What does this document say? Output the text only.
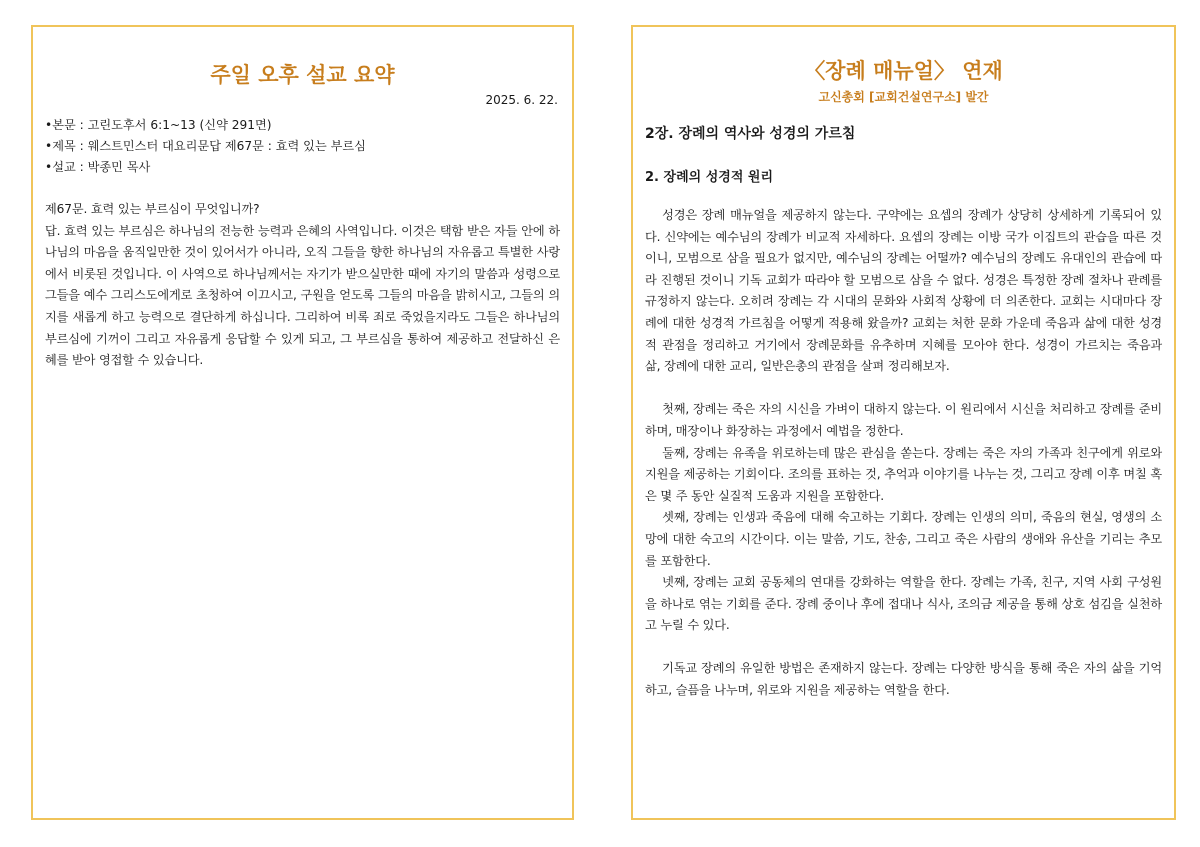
주일 오후 설교 요약

2025. 6. 22.

•본문 : 고린도후서 6:1~13 (신약 291면)
•제목 : 웨스트민스터 대요리문답 제67문 : 효력 있는 부르심
•설교 : 박종민 목사

제67문. 효력 있는 부르심이 무엇입니까?

답. 효력 있는 부르심은 하나님의 전능한 능력과 은혜의 사역입니다. 이것은 택함 받은 자들 안에 하나님의 마음을 움직일만한 것이 있어서가 아니라, 오직 그들을 향한 하나님의 자유롭고 특별한 사랑에서 비롯된 것입니다. 이 사역으로 하나님께서는 자기가 받으실만한 때에 자기의 말씀과 성령으로 그들을 예수 그리스도에게로 초청하여 이끄시고, 구원을 얻도록 그들의 마음을 밝히시고, 그들의 의지를 새롭게 하고 능력으로 결단하게 하십니다. 그리하여 비록 죄로 죽었을지라도 그들은 하나님의 부르심에 기꺼이 그리고 자유롭게 응답할 수 있게 되고, 그 부르심을 통하여 제공하고 전달하신 은혜를 받아 영접할 수 있습니다.

〈장례 매뉴얼〉 연재

고신총회 [교회건설연구소] 발간

2장. 장례의 역사와 성경의 가르침
2. 장례의 성경적 원리

성경은 장례 매뉴얼을 제공하지 않는다. 구약에는 요셉의 장례가 상당히 상세하게 기록되어 있다. 신약에는 예수님의 장례가 비교적 자세하다. 요셉의 장례는 이방 국가 이집트의 관습을 따른 것이니, 모범으로 삼을 필요가 없지만, 예수님의 장례는 어떨까? 예수님의 장례도 유대인의 관습에 따라 진행된 것이니 기독 교회가 따라야 할 모범으로 삼을 수 없다. 성경은 특정한 장례 절차나 관례를 규정하지 않는다. 오히려 장례는 각 시대의 문화와 사회적 상황에 더 의존한다. 교회는 시대마다 장례에 대한 성경적 가르침을 어떻게 적용해 왔을까? 교회는 처한 문화 가운데 죽음과 삶에 대한 성경적 관점을 정리하고 거기에서 장례문화를 유추하며 지혜를 모아야 한다. 성경이 가르치는 죽음과 삶, 장례에 대한 교리, 일반은총의 관점을 살펴 정리해보자.

첫째, 장례는 죽은 자의 시신을 가벼이 대하지 않는다. 이 원리에서 시신을 처리하고 장례를 준비하며, 매장이나 화장하는 과정에서 예법을 정한다.

둘째, 장례는 유족을 위로하는데 많은 관심을 쏟는다. 장례는 죽은 자의 가족과 친구에게 위로와 지원을 제공하는 기회이다. 조의를 표하는 것, 추억과 이야기를 나누는 것, 그리고 장례 이후 며칠 혹은 몇 주 동안 실질적 도움과 지원을 포함한다.

셋째, 장례는 인생과 죽음에 대해 숙고하는 기회다. 장례는 인생의 의미, 죽음의 현실, 영생의 소망에 대한 숙고의 시간이다. 이는 말씀, 기도, 찬송, 그리고 죽은 사람의 생애와 유산을 기리는 추모를 포함한다.

넷째, 장례는 교회 공동체의 연대를 강화하는 역할을 한다. 장례는 가족, 친구, 지역 사회 구성원을 하나로 엮는 기회를 준다. 장례 중이나 후에 접대나 식사, 조의금 제공을 통해 상호 섬김을 실천하고 누릴 수 있다.

기독교 장례의 유일한 방법은 존재하지 않는다. 장례는 다양한 방식을 통해 죽은 자의 삶을 기억하고, 슬픔을 나누며, 위로와 지원을 제공하는 역할을 한다.
